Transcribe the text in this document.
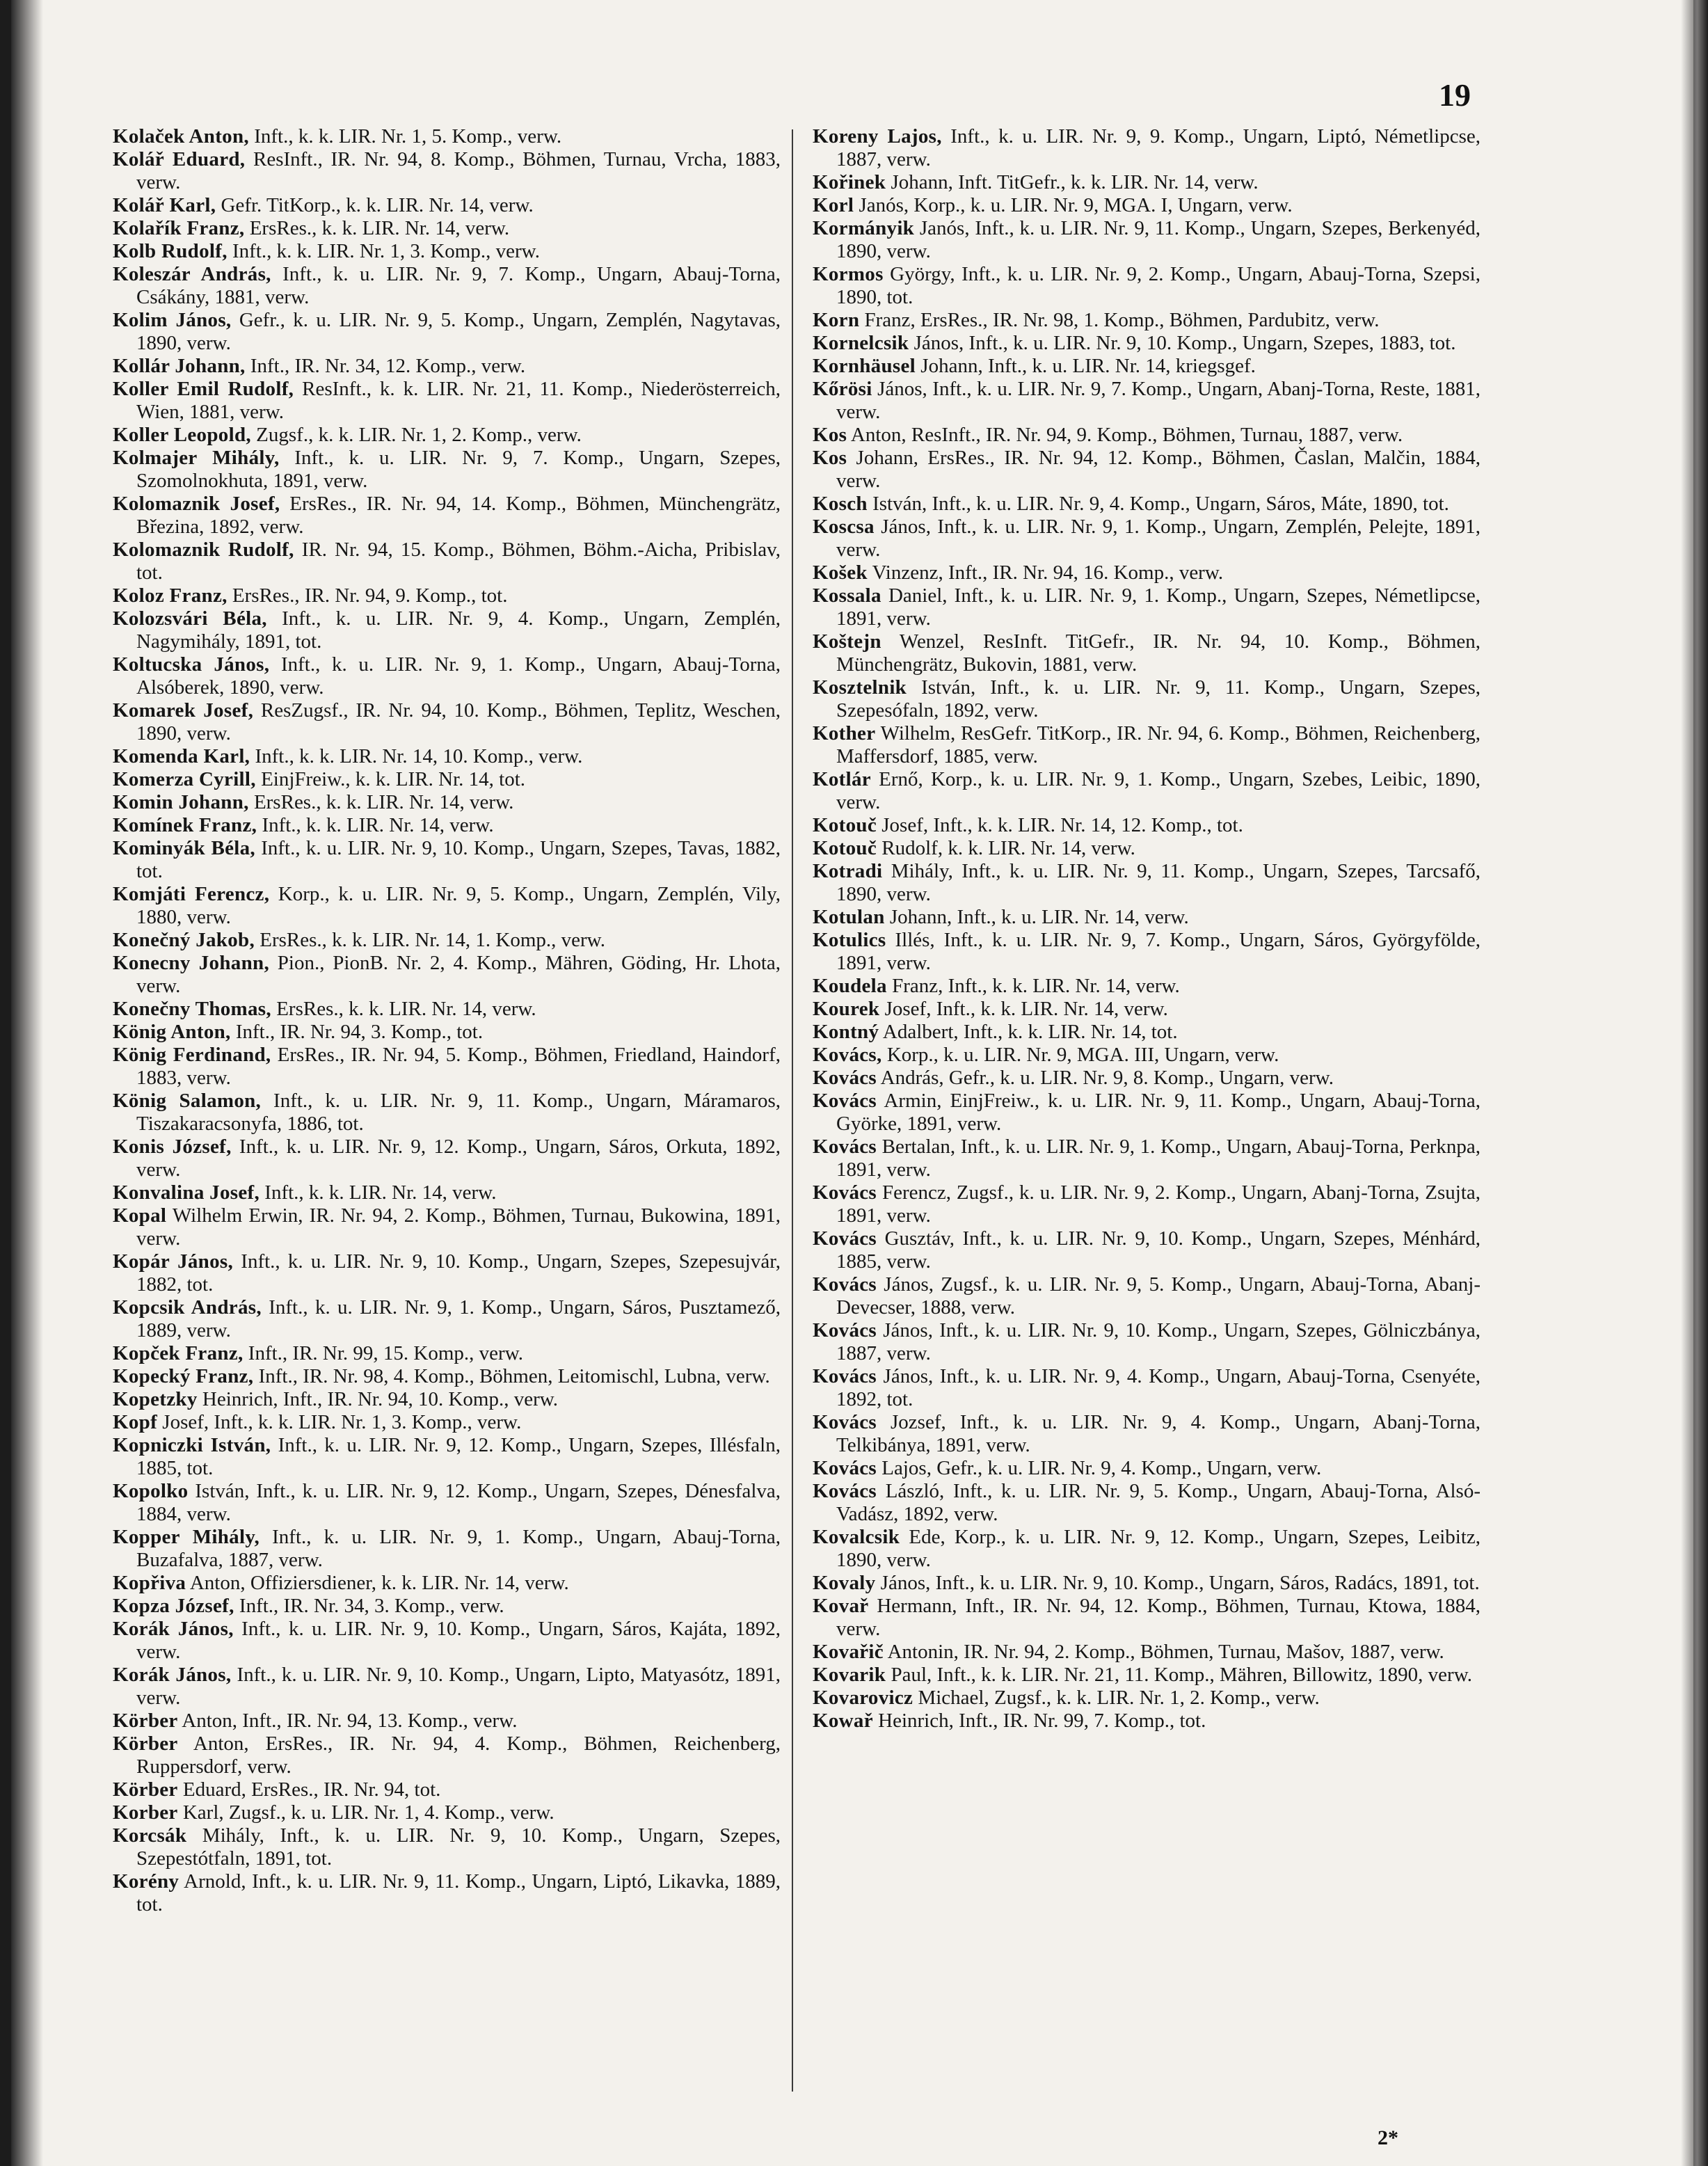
19

Kolaček Anton, Inft., k. k. LIR. Nr. 1, 5. Komp., verw.

Kolář Eduard, ResInft., IR. Nr. 94, 8. Komp., Böhmen, Turnau, Vrcha, 1883, verw.

Kolář Karl, Gefr. TitKorp., k. k. LIR. Nr. 14, verw.

Kolařík Franz, ErsRes., k. k. LIR. Nr. 14, verw.

Kolb Rudolf, Inft., k. k. LIR. Nr. 1, 3. Komp., verw.

Koleszár András, Inft., k. u. LIR. Nr. 9, 7. Komp., Ungarn, Abauj-Torna, Csákány, 1881, verw.

Kolim János, Gefr., k. u. LIR. Nr. 9, 5. Komp., Ungarn, Zemplén, Nagytavas, 1890, verw.

Kollár Johann, Inft., IR. Nr. 34, 12. Komp., verw.

Koller Emil Rudolf, ResInft., k. k. LIR. Nr. 21, 11. Komp., Niederösterreich, Wien, 1881, verw.

Koller Leopold, Zugsf., k. k. LIR. Nr. 1, 2. Komp., verw.

Kolmajer Mihály, Inft., k. u. LIR. Nr. 9, 7. Komp., Ungarn, Szepes, Szomolnokhuta, 1891, verw.

Kolomaznik Josef, ErsRes., IR. Nr. 94, 14. Komp., Böhmen, Münchengrätz, Březina, 1892, verw.

Kolomaznik Rudolf, IR. Nr. 94, 15. Komp., Böhmen, Böhm.-Aicha, Pribislav, tot.

Koloz Franz, ErsRes., IR. Nr. 94, 9. Komp., tot.

Kolozsvári Béla, Inft., k. u. LIR. Nr. 9, 4. Komp., Ungarn, Zemplén, Nagymihály, 1891, tot.

Koltucska János, Inft., k. u. LIR. Nr. 9, 1. Komp., Ungarn, Abauj-Torna, Alsóberek, 1890, verw.

Komarek Josef, ResZugsf., IR. Nr. 94, 10. Komp., Böhmen, Teplitz, Weschen, 1890, verw.

Komenda Karl, Inft., k. k. LIR. Nr. 14, 10. Komp., verw.

Komerza Cyrill, EinjFreiw., k. k. LIR. Nr. 14, tot.

Komin Johann, ErsRes., k. k. LIR. Nr. 14, verw.

Komínek Franz, Inft., k. k. LIR. Nr. 14, verw.

Kominyák Béla, Inft., k. u. LIR. Nr. 9, 10. Komp., Ungarn, Szepes, Tavas, 1882, tot.

Komjáti Ferencz, Korp., k. u. LIR. Nr. 9, 5. Komp., Ungarn, Zemplén, Vily, 1880, verw.

Konečný Jakob, ErsRes., k. k. LIR. Nr. 14, 1. Komp., verw.

Konecny Johann, Pion., PionB. Nr. 2, 4. Komp., Mähren, Göding, Hr. Lhota, verw.

Konečny Thomas, ErsRes., k. k. LIR. Nr. 14, verw.

König Anton, Inft., IR. Nr. 94, 3. Komp., tot.

König Ferdinand, ErsRes., IR. Nr. 94, 5. Komp., Böhmen, Friedland, Haindorf, 1883, verw.

König Salamon, Inft., k. u. LIR. Nr. 9, 11. Komp., Ungarn, Máramaros, Tiszakaracsonyfa, 1886, tot.

Konis József, Inft., k. u. LIR. Nr. 9, 12. Komp., Ungarn, Sáros, Orkuta, 1892, verw.

Konvalina Josef, Inft., k. k. LIR. Nr. 14, verw.

Kopal Wilhelm Erwin, IR. Nr. 94, 2. Komp., Böhmen, Turnau, Bukowina, 1891, verw.

Kopár János, Inft., k. u. LIR. Nr. 9, 10. Komp., Ungarn, Szepes, Szepesujvár, 1882, tot.

Kopcsik András, Inft., k. u. LIR. Nr. 9, 1. Komp., Ungarn, Sáros, Pusztamező, 1889, verw.

Kopček Franz, Inft., IR. Nr. 99, 15. Komp., verw.

Kopecký Franz, Inft., IR. Nr. 98, 4. Komp., Böhmen, Leitomischl, Lubna, verw.

Kopetzky Heinrich, Inft., IR. Nr. 94, 10. Komp., verw.

Kopf Josef, Inft., k. k. LIR. Nr. 1, 3. Komp., verw.

Kopniczki István, Inft., k. u. LIR. Nr. 9, 12. Komp., Ungarn, Szepes, Illésfaln, 1885, tot.

Kopolko István, Inft., k. u. LIR. Nr. 9, 12. Komp., Ungarn, Szepes, Dénesfalva, 1884, verw.

Kopper Mihály, Inft., k. u. LIR. Nr. 9, 1. Komp., Ungarn, Abauj-Torna, Buzafalva, 1887, verw.

Kopřiva Anton, Offiziersdiener, k. k. LIR. Nr. 14, verw.

Kopza József, Inft., IR. Nr. 34, 3. Komp., verw.

Korák János, Inft., k. u. LIR. Nr. 9, 10. Komp., Ungarn, Sáros, Kajáta, 1892, verw.

Korák János, Inft., k. u. LIR. Nr. 9, 10. Komp., Ungarn, Lipto, Matyasótz, 1891, verw.

Körber Anton, Inft., IR. Nr. 94, 13. Komp., verw.

Körber Anton, ErsRes., IR. Nr. 94, 4. Komp., Böhmen, Reichenberg, Ruppersdorf, verw.

Körber Eduard, ErsRes., IR. Nr. 94, tot.

Korber Karl, Zugsf., k. u. LIR. Nr. 1, 4. Komp., verw.

Korcsák Mihály, Inft., k. u. LIR. Nr. 9, 10. Komp., Ungarn, Szepes, Szepestótfaln, 1891, tot.

Korény Arnold, Inft., k. u. LIR. Nr. 9, 11. Komp., Ungarn, Liptó, Likavka, 1889, tot.

Koreny Lajos, Inft., k. u. LIR. Nr. 9, 9. Komp., Ungarn, Liptó, Németlipcse, 1887, verw.

Kořinek Johann, Inft. TitGefr., k. k. LIR. Nr. 14, verw.

Korl Janós, Korp., k. u. LIR. Nr. 9, MGA. I, Ungarn, verw.

Kormányik Janós, Inft., k. u. LIR. Nr. 9, 11. Komp., Ungarn, Szepes, Berkenyéd, 1890, verw.

Kormos György, Inft., k. u. LIR. Nr. 9, 2. Komp., Ungarn, Abauj-Torna, Szepsi, 1890, tot.

Korn Franz, ErsRes., IR. Nr. 98, 1. Komp., Böhmen, Pardubitz, verw.

Kornelcsik János, Inft., k. u. LIR. Nr. 9, 10. Komp., Ungarn, Szepes, 1883, tot.

Kornhäusel Johann, Inft., k. u. LIR. Nr. 14, kriegsgef.

Kőrösi János, Inft., k. u. LIR. Nr. 9, 7. Komp., Ungarn, Abanj-Torna, Reste, 1881, verw.

Kos Anton, ResInft., IR. Nr. 94, 9. Komp., Böhmen, Turnau, 1887, verw.

Kos Johann, ErsRes., IR. Nr. 94, 12. Komp., Böhmen, Časlan, Malčin, 1884, verw.

Kosch István, Inft., k. u. LIR. Nr. 9, 4. Komp., Ungarn, Sáros, Máte, 1890, tot.

Koscsa János, Inft., k. u. LIR. Nr. 9, 1. Komp., Ungarn, Zemplén, Pelejte, 1891, verw.

Košek Vinzenz, Inft., IR. Nr. 94, 16. Komp., verw.

Kossala Daniel, Inft., k. u. LIR. Nr. 9, 1. Komp., Ungarn, Szepes, Németlipcse, 1891, verw.

Koštejn Wenzel, ResInft. TitGefr., IR. Nr. 94, 10. Komp., Böhmen, Münchengrätz, Bukovin, 1881, verw.

Kosztelnik István, Inft., k. u. LIR. Nr. 9, 11. Komp., Ungarn, Szepes, Szepesófaln, 1892, verw.

Kother Wilhelm, ResGefr. TitKorp., IR. Nr. 94, 6. Komp., Böhmen, Reichenberg, Maffersdorf, 1885, verw.

Kotlár Ernő, Korp., k. u. LIR. Nr. 9, 1. Komp., Ungarn, Szebes, Leibic, 1890, verw.

Kotouč Josef, Inft., k. k. LIR. Nr. 14, 12. Komp., tot.

Kotouč Rudolf, k. k. LIR. Nr. 14, verw.

Kotradi Mihály, Inft., k. u. LIR. Nr. 9, 11. Komp., Ungarn, Szepes, Tarcsafő, 1890, verw.

Kotulan Johann, Inft., k. u. LIR. Nr. 14, verw.

Kotulics Illés, Inft., k. u. LIR. Nr. 9, 7. Komp., Ungarn, Sáros, Györgyfölde, 1891, verw.

Koudela Franz, Inft., k. k. LIR. Nr. 14, verw.

Kourek Josef, Inft., k. k. LIR. Nr. 14, verw.

Kontný Adalbert, Inft., k. k. LIR. Nr. 14, tot.

Kovács, Korp., k. u. LIR. Nr. 9, MGA. III, Ungarn, verw.

Kovács András, Gefr., k. u. LIR. Nr. 9, 8. Komp., Ungarn, verw.

Kovács Armin, EinjFreiw., k. u. LIR. Nr. 9, 11. Komp., Ungarn, Abauj-Torna, Györke, 1891, verw.

Kovács Bertalan, Inft., k. u. LIR. Nr. 9, 1. Komp., Ungarn, Abauj-Torna, Perknpa, 1891, verw.

Kovács Ferencz, Zugsf., k. u. LIR. Nr. 9, 2. Komp., Ungarn, Abanj-Torna, Zsujta, 1891, verw.

Kovács Gusztáv, Inft., k. u. LIR. Nr. 9, 10. Komp., Ungarn, Szepes, Ménhárd, 1885, verw.

Kovács János, Zugsf., k. u. LIR. Nr. 9, 5. Komp., Ungarn, Abauj-Torna, Abanj-Devecser, 1888, verw.

Kovács János, Inft., k. u. LIR. Nr. 9, 10. Komp., Ungarn, Szepes, Gölniczbánya, 1887, verw.

Kovács János, Inft., k. u. LIR. Nr. 9, 4. Komp., Ungarn, Abauj-Torna, Csenyéte, 1892, tot.

Kovács Jozsef, Inft., k. u. LIR. Nr. 9, 4. Komp., Ungarn, Abanj-Torna, Telkibánya, 1891, verw.

Kovács Lajos, Gefr., k. u. LIR. Nr. 9, 4. Komp., Ungarn, verw.

Kovács László, Inft., k. u. LIR. Nr. 9, 5. Komp., Ungarn, Abauj-Torna, Alsó-Vadász, 1892, verw.

Kovalcsik Ede, Korp., k. u. LIR. Nr. 9, 12. Komp., Ungarn, Szepes, Leibitz, 1890, verw.

Kovaly János, Inft., k. u. LIR. Nr. 9, 10. Komp., Ungarn, Sáros, Radács, 1891, tot.

Kovař Hermann, Inft., IR. Nr. 94, 12. Komp., Böhmen, Turnau, Ktowa, 1884, verw.

Kovařič Antonin, IR. Nr. 94, 2. Komp., Böhmen, Turnau, Mašov, 1887, verw.

Kovarik Paul, Inft., k. k. LIR. Nr. 21, 11. Komp., Mähren, Billowitz, 1890, verw.

Kovarovicz Michael, Zugsf., k. k. LIR. Nr. 1, 2. Komp., verw.

Kowař Heinrich, Inft., IR. Nr. 99, 7. Komp., tot.

2*
